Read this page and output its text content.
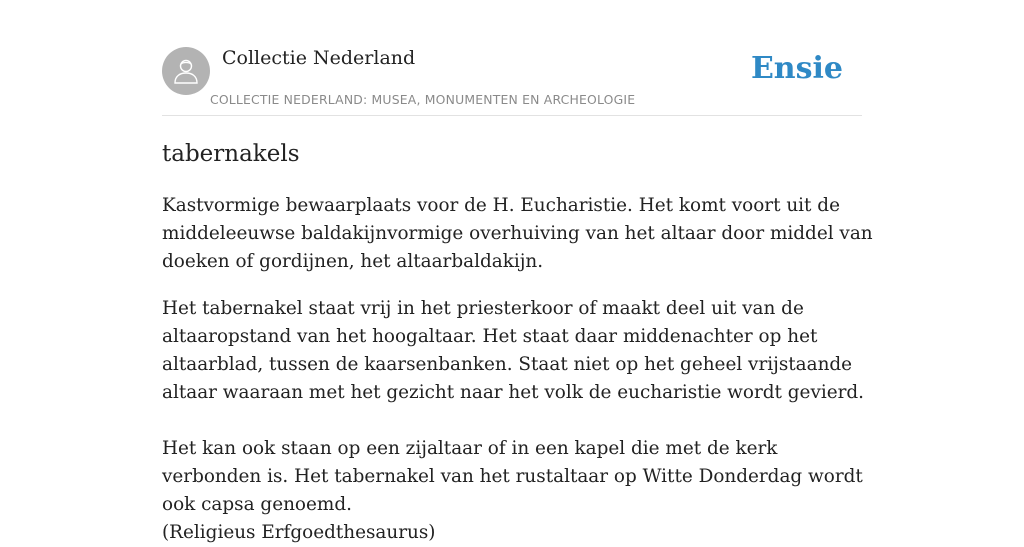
Collectie Nederland
COLLECTIE NEDERLAND: MUSEA, MONUMENTEN EN ARCHEOLOGIE
Ensie
tabernakels

Kastvormige bewaarplaats voor de H. Eucharistie. Het komt voort uit de middeleeuwse baldakijnvormige overhuiving van het altaar door middel van doeken of gordijnen, het altaarbaldakijn.

Het tabernakel staat vrij in het priesterkoor of maakt deel uit van de altaaropstand van het hoogaltaar. Het staat daar middenachter op het altaarblad, tussen de kaarsenbanken. Staat niet op het geheel vrijstaande altaar waaraan met het gezicht naar het volk de eucharistie wordt gevierd.
Het kan ook staan op een zijaltaar of in een kapel die met de kerk verbonden is. Het tabernakel van het rustaltaar op Witte Donderdag wordt ook capsa genoemd.
(Religieus Erfgoedthesaurus)
